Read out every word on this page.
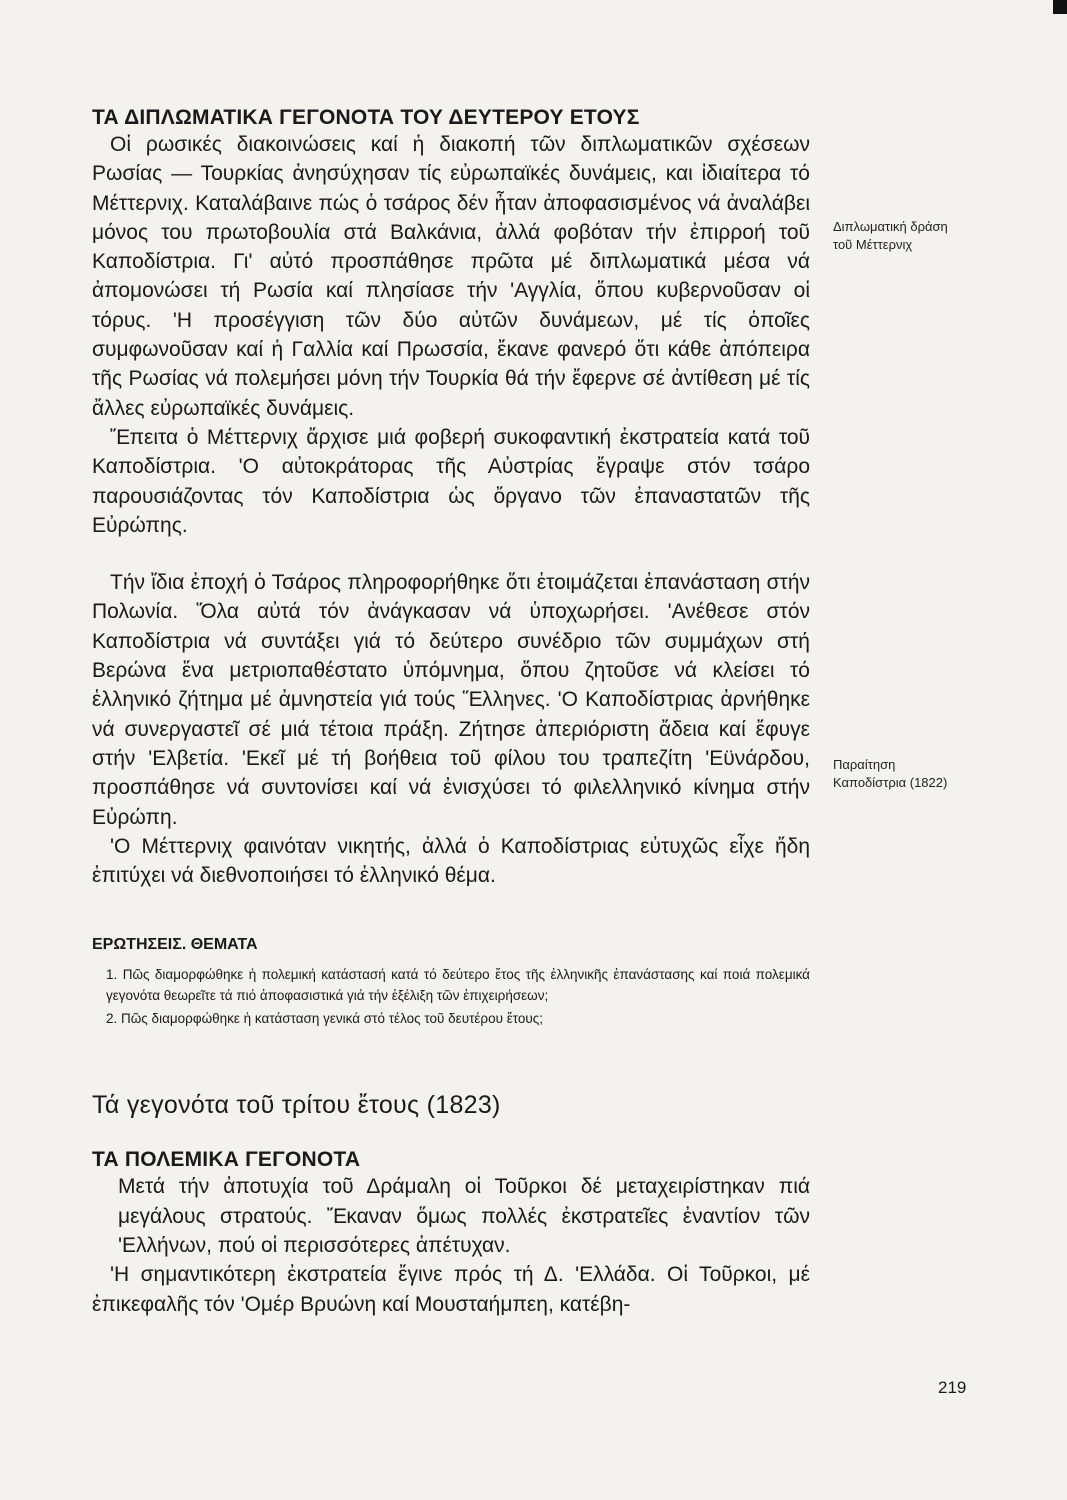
ΤΑ ΔΙΠΛΩΜΑΤΙΚΑ ΓΕΓΟΝΟΤΑ ΤΟΥ ΔΕΥΤΕΡΟΥ ΕΤΟΥΣ

Οἱ ρωσικές διακοινώσεις καί ἡ διακοπή τῶν διπλωματικῶν σχέσεων Ρωσίας — Τουρκίας ἀνησύχησαν τίς εὐρωπαϊκές δυνάμεις, και ἰδιαίτερα τό Μέττερνιχ. Καταλάβαινε πώς ὁ τσάρος δέν ἦταν ἀποφασισμένος νά ἀναλάβει μόνος του πρωτοβουλία στά Βαλκάνια, ἀλλά φοβόταν τήν ἐπιρροή τοῦ Καποδίστρια. Γι' αὐτό προσπάθησε πρῶτα μέ διπλωματικά μέσα νά ἀπομονώσει τή Ρωσία καί πλησίασε τήν 'Αγγλία, ὅπου κυβερνοῦσαν οἱ τόρυς. 'Η προσέγγιση τῶν δύο αὐτῶν δυνάμεων, μέ τίς ὁποῖες συμφωνοῦσαν καί ἡ Γαλλία καί Πρωσσία, ἔκανε φανερό ὅτι κάθε ἀπόπειρα τῆς Ρωσίας νά πολεμήσει μόνη τήν Τουρκία θά τήν ἔφερνε σέ ἀντίθεση μέ τίς ἄλλες εὐρωπαϊκές δυνάμεις.

Ἔπειτα ὁ Μέττερνιχ ἄρχισε μιά φοβερή συκοφαντική ἐκστρατεία κατά τοῦ Καποδίστρια. 'Ο αὐτοκράτορας τῆς Αὐστρίας ἔγραψε στόν τσάρο παρουσιάζοντας τόν Καποδίστρια ὡς ὄργανο τῶν ἐπαναστατῶν τῆς Εὐρώπης.

Τήν ἴδια ἐποχή ὁ Τσάρος πληροφορήθηκε ὅτι ἑτοιμάζεται ἐπανάσταση στήν Πολωνία. Ὅλα αὐτά τόν ἀνάγκασαν νά ὑποχωρήσει. 'Ανέθεσε στόν Καποδίστρια νά συντάξει γιά τό δεύτερο συνέδριο τῶν συμμάχων στή Βερώνα ἕνα μετριοπαθέστατο ὑπόμνημα, ὅπου ζητοῦσε νά κλείσει τό ἑλληνικό ζήτημα μέ ἀμνηστεία γιά τούς Ἕλληνες. 'Ο Καποδίστριας ἀρνήθηκε νά συνεργαστεῖ σέ μιά τέτοια πράξη. Ζήτησε ἀπεριόριστη ἄδεια καί ἔφυγε στήν 'Ελβετία. 'Εκεῖ μέ τή βοήθεια τοῦ φίλου του τραπεζίτη 'Εϋνάρδου, προσπάθησε νά συντονίσει καί νά ἐνισχύσει τό φιλελληνικό κίνημα στήν Εὐρώπη.

'Ο Μέττερνιχ φαινόταν νικητής, ἀλλά ὁ Καποδίστριας εὐτυχῶς εἶχε ἤδη ἐπιτύχει νά διεθνοποιήσει τό ἑλληνικό θέμα.

ΕΡΩΤΗΣΕΙΣ. ΘΕΜΑΤΑ

1. Πῶς διαμορφώθηκε ἡ πολεμική κατάστασή κατά τό δεύτερο ἔτος τῆς ἑλληνικῆς ἐπανάστασης καί ποιά πολεμικά γεγονότα θεωρεῖτε τά πιό ἀποφασιστικά γιά τήν ἐξέλιξη τῶν ἐπιχειρήσεων;

2. Πῶς διαμορφώθηκε ἡ κατάσταση γενικά στό τέλος τοῦ δευτέρου ἔτους;

Τά γεγονότα τοῦ τρίτου ἔτους (1823)
ΤΑ ΠΟΛΕΜΙΚΑ ΓΕΓΟΝΟΤΑ

Μετά τήν ἀποτυχία τοῦ Δράμαλη οἱ Τοῦρκοι δέ μεταχειρίστηκαν πιά μεγάλους στρατούς. Ἔκαναν ὅμως πολλές ἐκστρατεῖες ἐναντίον τῶν 'Ελλήνων, πού οἱ περισσότερες ἀπέτυχαν.

'Η σημαντικότερη ἐκστρατεία ἔγινε πρός τή Δ. 'Ελλάδα. Οἱ Τοῦρκοι, μέ ἐπικεφαλῆς τόν 'Ομέρ Βρυώνη καί Μουσταήμπεη, κατέβη-

Διπλωματική δράση
τοῦ Μέττερνιχ
Παραίτηση
Καποδίστρια (1822)
219
